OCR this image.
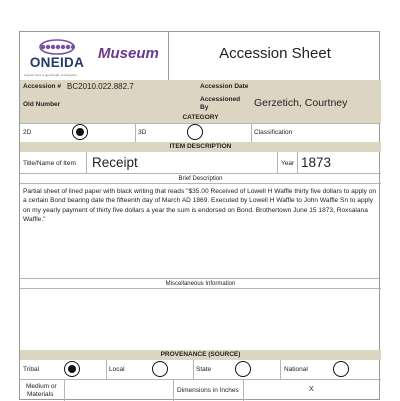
ONEIDA
A good mind. A good heart. A strong fire.
Museum	Accession Sheet
Accession # BC2010.022.882.7	Accession Date
Old Number
Accessioned
By	Gerzetich, Courtney
CATEGORY
2D	3D	Classification
ITEM DESCRIPTION
Title/Name of Item Receipt	Year 1873
Brief Description
Partial sheet of lined paper with black writing that reads "$35.00 Received of Lowell H Waffle thirty five dollars to apply on a certain Bond bearing date the fifteenth day of March AD 1869. Executed by Lowell H Waffle to John Waffle Sn to apply on my yearly payment of thirty five dollars a year the sum is endorsed on Bond. Brothertown June 15 1873, Roxsalana Waffle."
Miscellaneous Information
PROVENANCE (SOURCE)
Tribal	Local	State	National
Medium or
Materials
Dimensions in Inches	X
